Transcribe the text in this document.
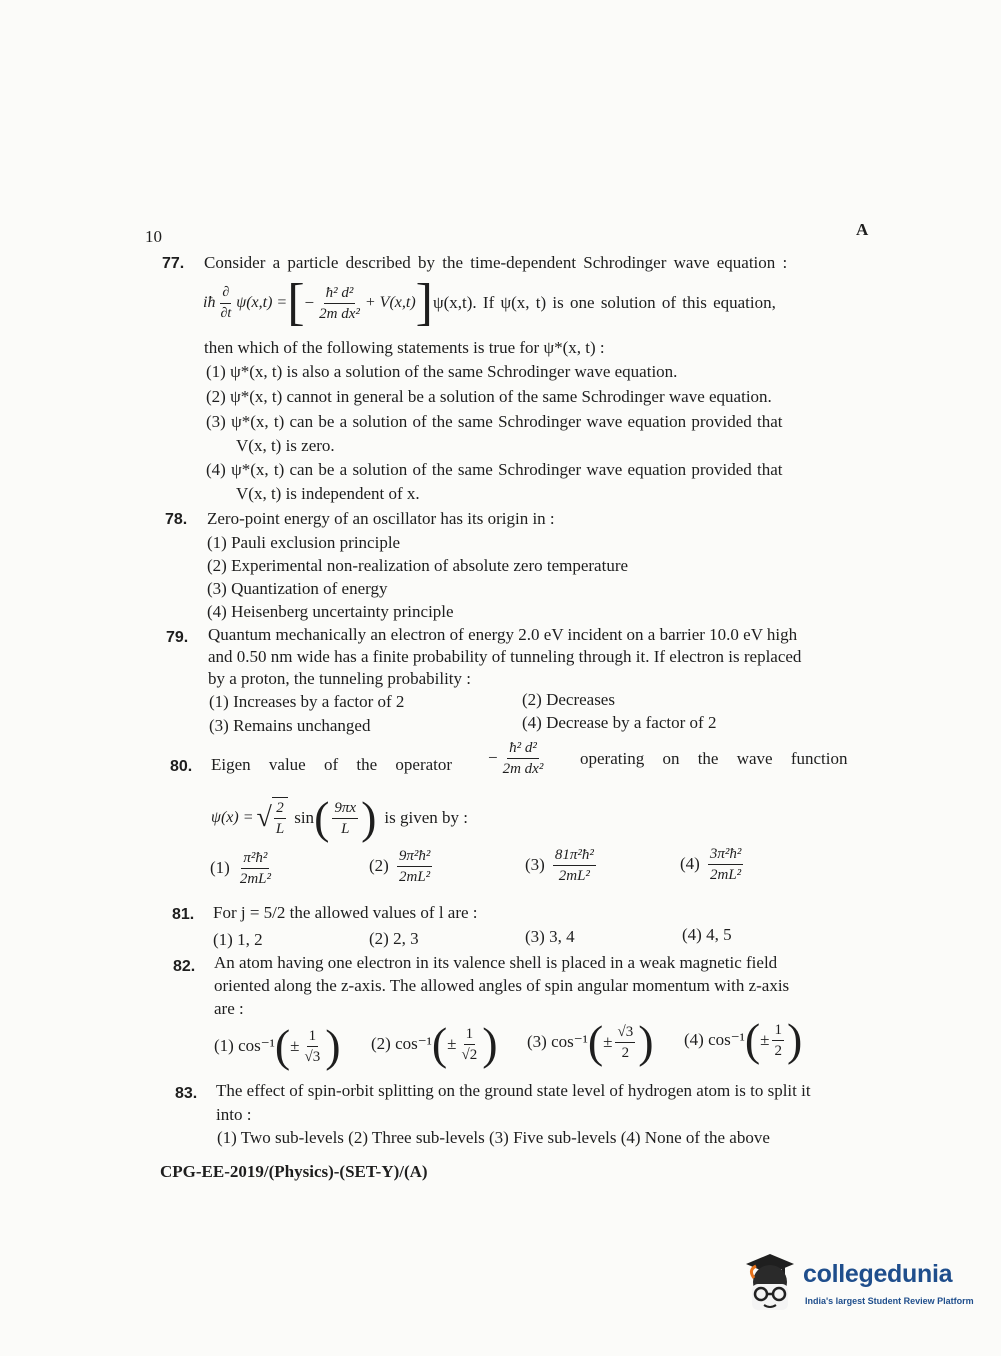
10	A
77. Consider a particle described by the time-dependent Schrodinger wave equation :
iħ $\frac{\partial}{\partial t} \psi(x,t)$ = [ − $\frac{\text{ħ² d²}}{\text{2m dx²}} + V(x,t)$ ] ψ(x,t). If ψ(x, t) is one solution of this equation,
then which of the following statements is true for ψ*(x, t) :
(1) ψ*(x, t) is also a solution of the same Schrodinger wave equation.
(2) ψ*(x, t) cannot in general be a solution of the same Schrodinger wave equation.
(3) ψ*(x, t) can be a solution of the same Schrodinger wave equation provided that
V(x, t) is zero.
(4) ψ*(x, t) can be a solution of the same Schrodinger wave equation provided that
V(x, t) is independent of x.
78. Zero-point energy of an oscillator has its origin in :
(1) Pauli exclusion principle
(2) Experimental non-realization of absolute zero temperature
(3) Quantization of energy
(4) Heisenberg uncertainty principle
79. Quantum mechanically an electron of energy 2.0 eV incident on a barrier 10.0 eV high
and 0.50 nm wide has a finite probability of tunneling through it. If electron is replaced
by a proton, the tunneling probability :
(1) Increases by a factor of 2	(2) Decreases
(3) Remains unchanged	(4) Decrease by a factor of 2
80. Eigen value of the operator − $\frac{\text{ħ² d²}}{\text{2m dx²}}$ operating on the wave function
ψ(x) = √ $\frac{2}{L}$ sin ( $\frac{9\pi x}{L}$ ) is given by :
$(1) \frac{\text{π²ħ²}}{\text{2mL²}}$	$(2) \frac{\text{9π²ħ²}}{\text{2mL²}}$	$(3) \frac{\text{81π²ħ²}}{\text{2mL²}}$	$(4) \frac{\text{3π²ħ²}}{\text{2mL²}}$
81. For j = 5/2 the allowed values of l are :
(1) 1, 2	(2) 2, 3	(3) 3, 4	(4) 4, 5
82. An atom having one electron in its valence shell is placed in a weak magnetic field
oriented along the z-axis. The allowed angles of spin angular momentum with z-axis
are :
(1) cos⁻¹ ( ± $\frac{1}{√3}$ ) (2) cos⁻¹ ( ± $\frac{1}{√2}$ ) (3) cos⁻¹ ( ± $\frac{√3}{2}$ ) (4) cos⁻¹ ( ± $\frac{1}{2}$ )
83. The effect of spin-orbit splitting on the ground state level of hydrogen atom is to split it
into :
(1) Two sub-levels (2) Three sub-levels (3) Five sub-levels (4) None of the above
CPG-EE-2019/(Physics)-(SET-Y)/(A)
collegedunia
India's largest Student Review Platform
